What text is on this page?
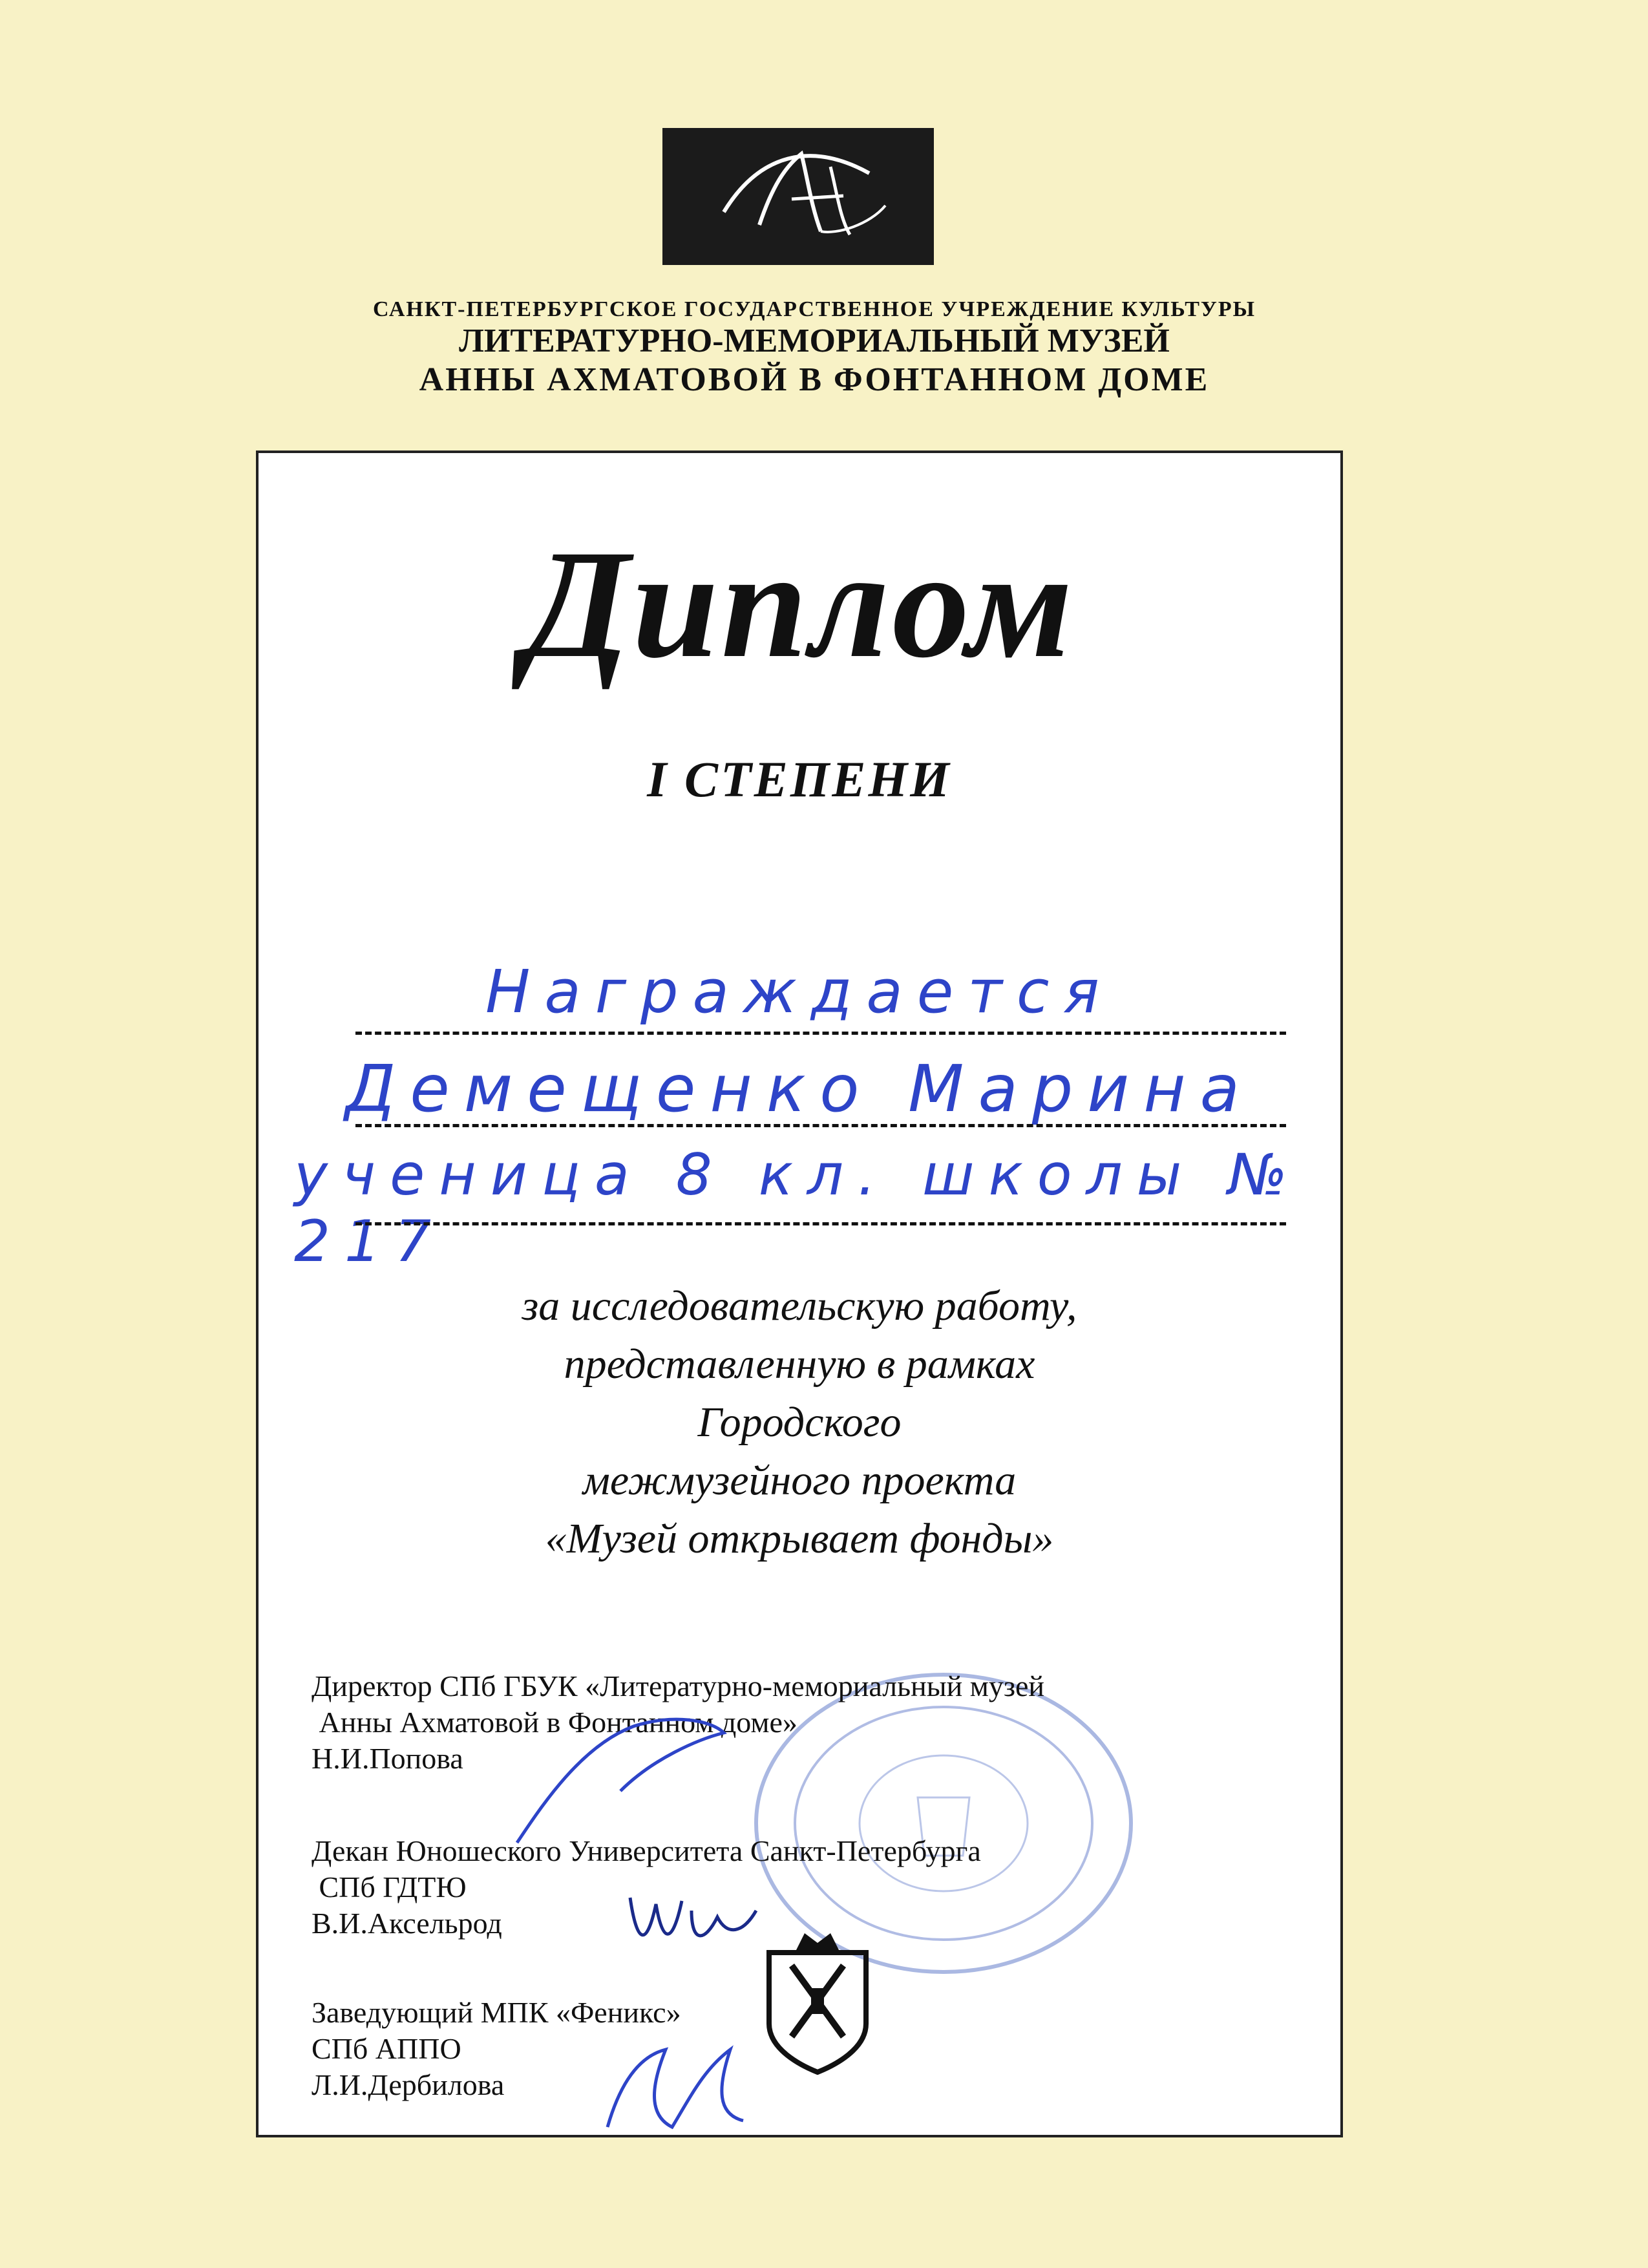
САНКТ-ПЕТЕРБУРГСКОЕ ГОСУДАРСТВЕННОЕ УЧРЕЖДЕНИЕ КУЛЬТУРЫ
ЛИТЕРАТУРНО-МЕМОРИАЛЬНЫЙ МУЗЕЙ
АННЫ АХМАТОВОЙ В ФОНТАННОМ ДОМЕ
Диплом
I СТЕПЕНИ
Награждается
Демещенко Марина
ученица 8 кл. школы № 217
за исследовательскую работу,
представленную в рамках
Городского
межмузейного проекта
«Музей открывает фонды»
Директор СПб ГБУК «Литературно-мемориальный музей
Анны Ахматовой в Фонтанном доме»
Н.И.Попова
Декан Юношеского Университета Санкт-Петербурга
СПб ГДТЮ
В.И.Аксельрод
Заведующий МПК «Феникс»
СПб АППО
Л.И.Дербилова
